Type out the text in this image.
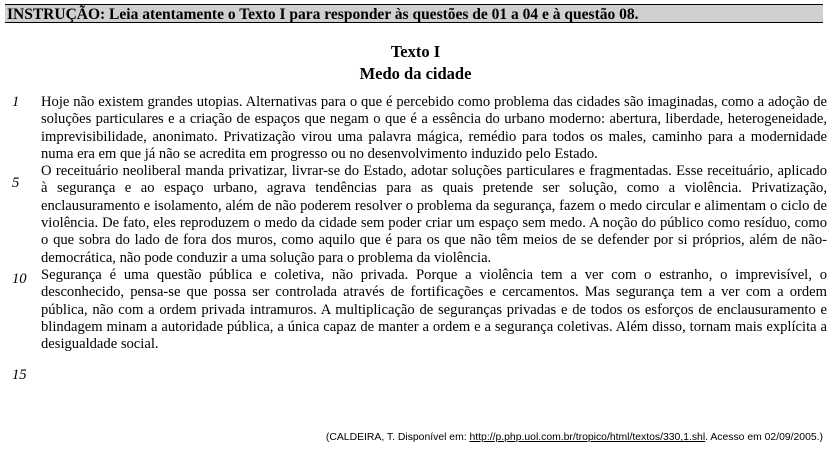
INSTRUÇÃO: Leia atentamente o Texto I para responder às questões de 01 a 04 e à questão 08.
Texto I
Medo da cidade
1
5
10
15

Hoje não existem grandes utopias. Alternativas para o que é percebido como problema das cidades são imaginadas, como a adoção de soluções particulares e a criação de espaços que negam o que é a essência do urbano moderno: abertura, liberdade, heterogeneidade, imprevisibilidade, anonimato. Privatização virou uma palavra mágica, remédio para todos os males, caminho para a modernidade numa era em que já não se acredita em progresso ou no desenvolvimento induzido pelo Estado.

O receituário neoliberal manda privatizar, livrar-se do Estado, adotar soluções particulares e fragmentadas. Esse receituário, aplicado à segurança e ao espaço urbano, agrava tendências para as quais pretende ser solução, como a violência. Privatização, enclausuramento e isolamento, além de não poderem resolver o problema da segurança, fazem o medo circular e alimentam o ciclo de violência. De fato, eles reproduzem o medo da cidade sem poder criar um espaço sem medo. A noção do público como resíduo, como o que sobra do lado de fora dos muros, como aquilo que é para os que não têm meios de se defender por si próprios, além de não-democrática, não pode conduzir a uma solução para o problema da violência.

Segurança é uma questão pública e coletiva, não privada. Porque a violência tem a ver com o estranho, o imprevisível, o desconhecido, pensa-se que possa ser controlada através de fortificações e cercamentos. Mas segurança tem a ver com a ordem pública, não com a ordem privada intramuros. A multiplicação de seguranças privadas e de todos os esforços de enclausuramento e blindagem minam a autoridade pública, a única capaz de manter a ordem e a segurança coletivas. Além disso, tornam mais explícita a desigualdade social.

(CALDEIRA, T. Disponível em: http://p.php.uol.com.br/tropico/html/textos/330,1.shl. Acesso em 02/09/2005.)
